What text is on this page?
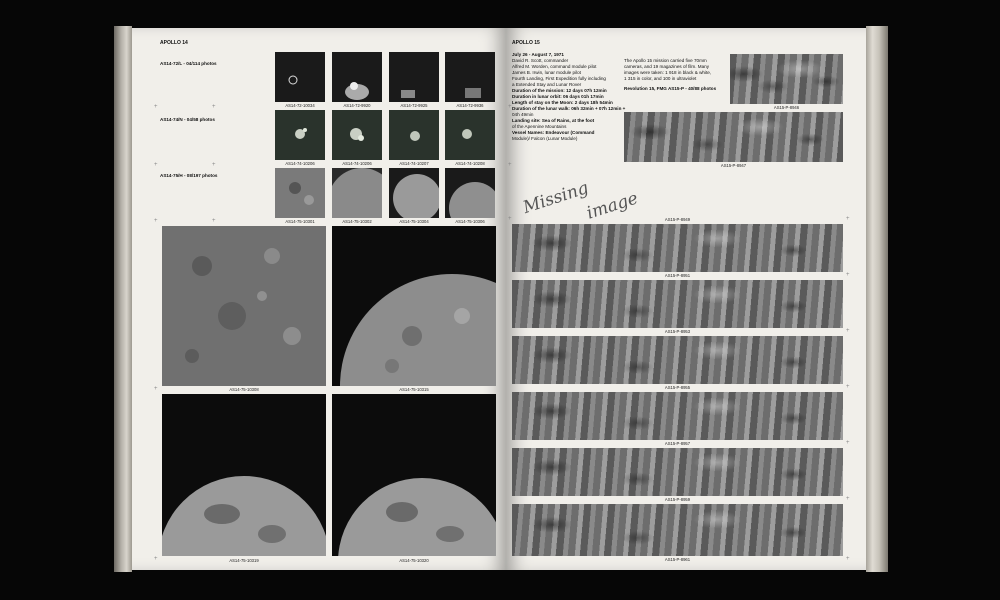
APOLLO 14
AS14-72/L - 04/114 photos
AS14-74/N - 04/58 photos
AS14-75/H - 08/197 photos
AS14-72-10034	AS14-72-9920	AS14-72-9925	AS14-72-9936
AS14-74-10206	AS14-74-10206	AS14-74-10207	AS14-74-10208
AS14-75-10301	AS14-75-10302	AS14-75-10304	AS14-75-10306
AS14-75-10308	AS14-75-10315
AS14-75-10319	AS14-75-10320
+	+
+	+
+	+
+
+
APOLLO 15
July 26 - August 7, 1971
David R. Scott, commander
Alfred M. Worden, command module pilot
James B. Irwin, lunar module pilot
Fourth Landing, First Expedition fully including
a Extended Stay and Lunar Rover
Duration of the mission: 12 days 07h 12min
Duration in lunar orbit: 06 days 01h 17min
Length of stay on the Moon: 2 days 18h 54min
Duration of the lunar walk: 06h 32min + 07h 12min +
04h 49min
Landing site: Sea of Rains, at the foot
of the Apennine Mountains
Vessel Names: Endeavour (Command
Module)/ Falcon (Lunar Module)
The Apollo 15 mission carried five 70mm
cameras, and 19 magazines of film. Many
images were taken: 1 918 in black & white,
1 315 in color, and 100 in ultraviolet
Revolution 15, FMG AS15-P - 40/88 photos
AS15-P-8946
AS15-P-8947
Missing
image	AS15-P-8949
AS15-P-8951
AS15-P-8953
AS15-P-8955
AS15-P-8957
AS15-P-8959
AS15-P-8961
+
+
+	+
+
+
+
+
+
+
